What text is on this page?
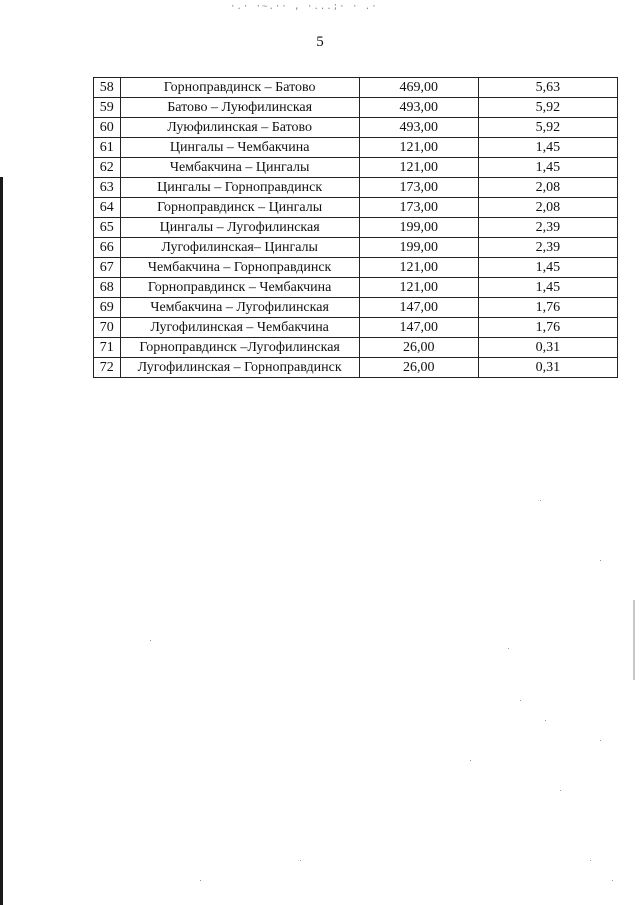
·.· ·~.·· , ·...;· · .·
5
58	Горноправдинск – Батово	469,00	5,63
59	Батово – Луюфилинская	493,00	5,92
60	Луюфилинская – Батово	493,00	5,92
61	Цингалы – Чембакчина	121,00	1,45
62	Чембакчина – Цингалы	121,00	1,45
63	Цингалы – Горноправдинск	173,00	2,08
64	Горноправдинск – Цингалы	173,00	2,08
65	Цингалы – Лугофилинская	199,00	2,39
66	Лугофилинская– Цингалы	199,00	2,39
67	Чембакчина – Горноправдинск	121,00	1,45
68	Горноправдинск – Чембакчина	121,00	1,45
69	Чембакчина – Лугофилинская	147,00	1,76
70	Лугофилинская – Чембакчина	147,00	1,76
71	Горноправдинск –Лугофилинская	26,00	0,31
72	Лугофилинская – Горноправдинск	26,00	0,31
